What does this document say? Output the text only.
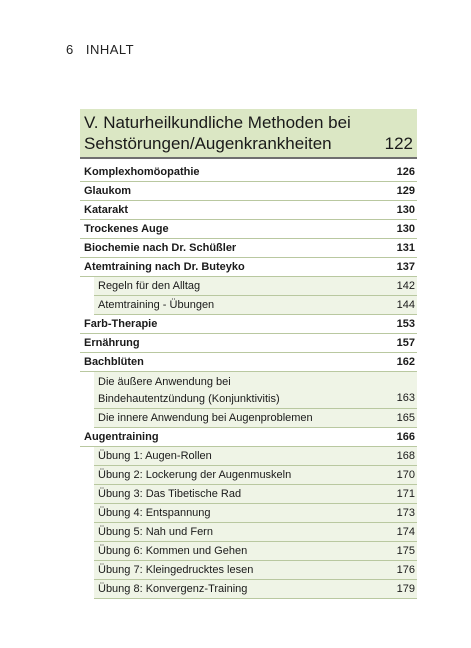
6 INHALT
V. Naturheilkundliche Methoden bei Sehstörungen/Augenkrankheiten	122
Komplexhomöopathie	126
Glaukom	129
Katarakt	130
Trockenes Auge	130
Biochemie nach Dr. Schüßler	131
Atemtraining nach Dr. Buteyko	137
Regeln für den Alltag	142
Atemtraining - Übungen	144
Farb-Therapie	153
Ernährung	157
Bachblüten	162
Die äußere Anwendung bei Bindehautentzündung (Konjunktivitis)	163
Die innere Anwendung bei Augenproblemen	165
Augentraining	166
Übung 1: Augen-Rollen	168
Übung 2: Lockerung der Augenmuskeln	170
Übung 3: Das Tibetische Rad	171
Übung 4: Entspannung	173
Übung 5: Nah und Fern	174
Übung 6: Kommen und Gehen	175
Übung 7: Kleingedrucktes lesen	176
Übung 8: Konvergenz-Training	179
